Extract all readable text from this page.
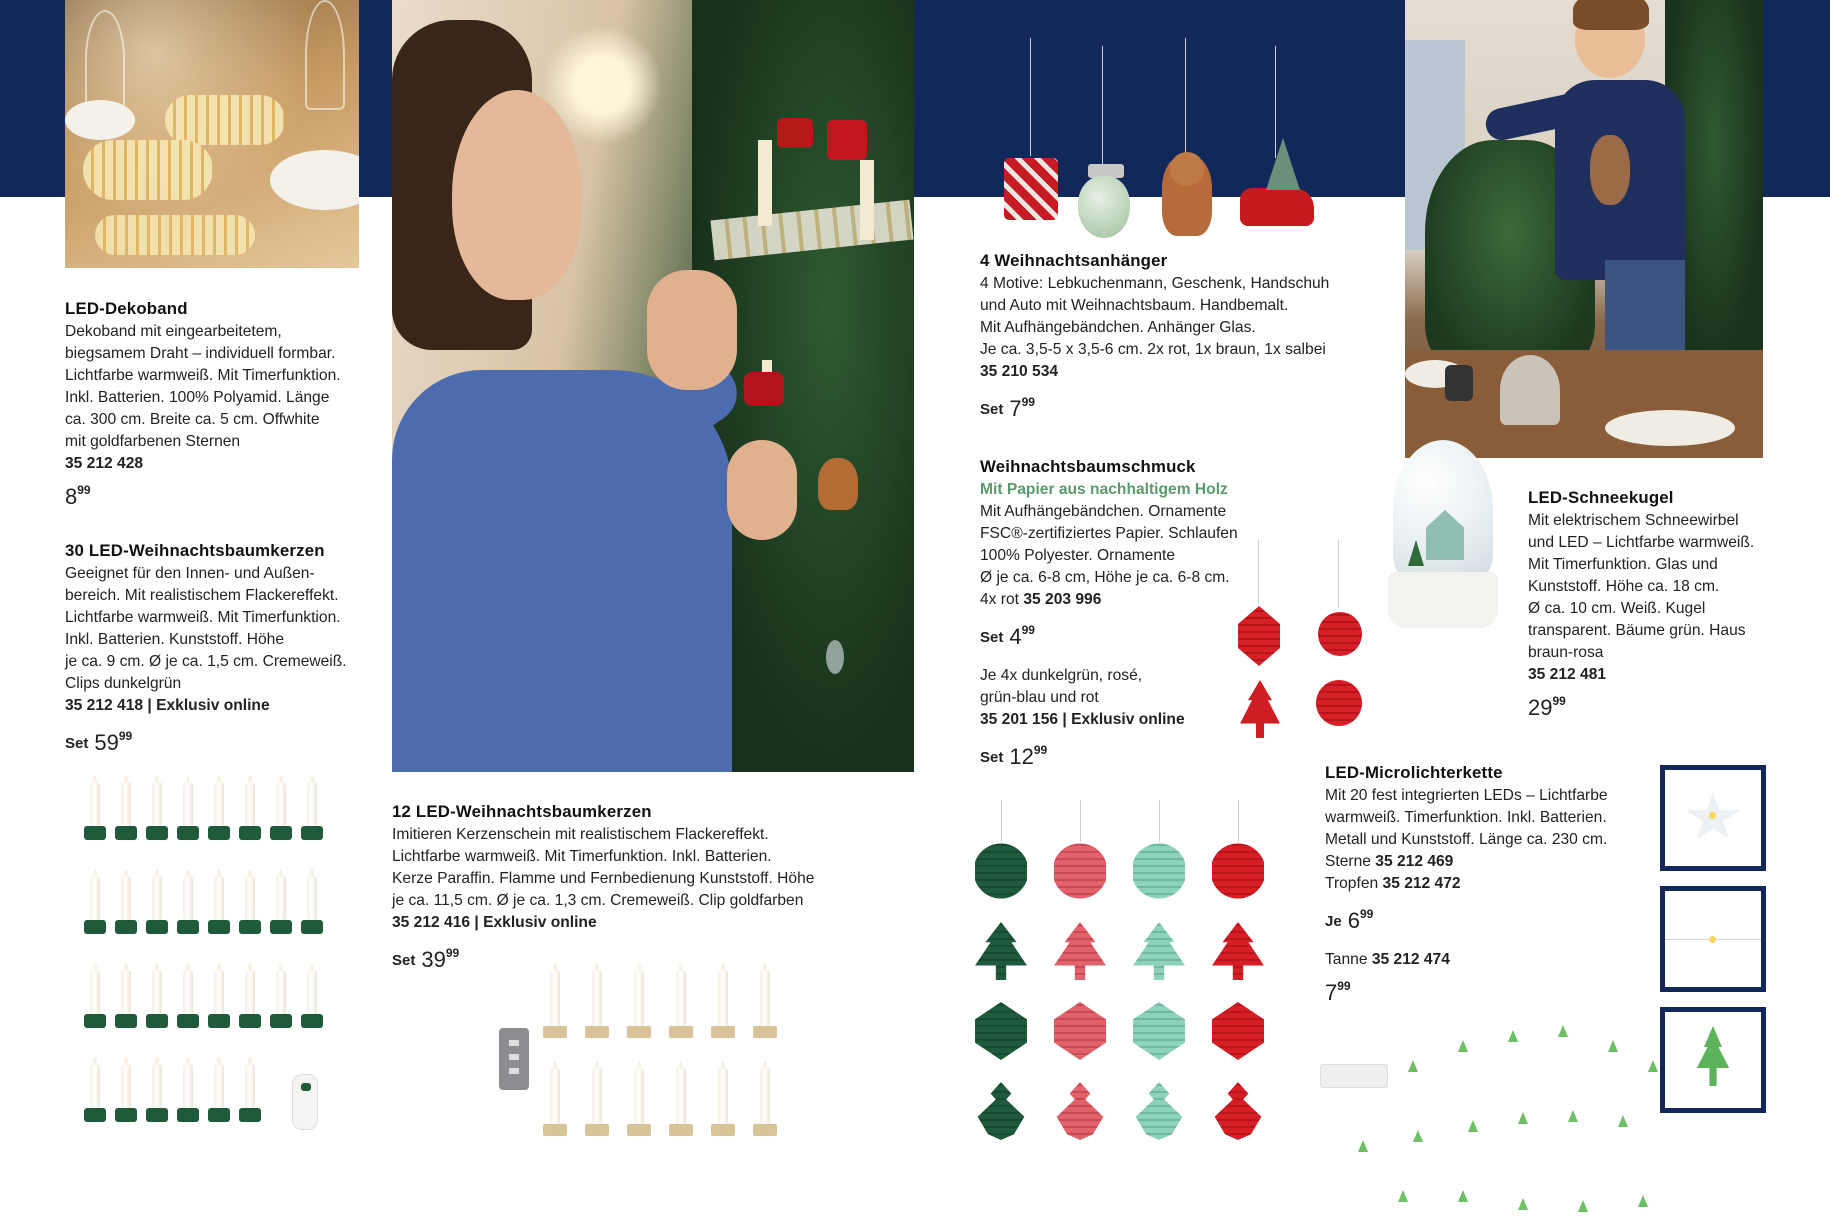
LED-Dekoband
Dekoband mit eingearbeitetem,
biegsamem Draht – individuell formbar.
Lichtfarbe warmweiß. Mit Timerfunktion.
Inkl. Batterien. 100% Polyamid. Länge
ca. 300 cm. Breite ca. 5 cm. Offwhite
mit goldfarbenen Sternen
35 212 428
$8^{99}$
30 LED-Weihnachtsbaumkerzen
Geeignet für den Innen- und Außen-
bereich. Mit realistischem Flackereffekt.
Lichtfarbe warmweiß. Mit Timerfunktion.
Inkl. Batterien. Kunststoff. Höhe
je ca. 9 cm. Ø je ca. 1,5 cm. Cremeweiß.
Clips dunkelgrün
35 212 418 | Exklusiv online
Set $59^{99}$
12 LED-Weihnachtsbaumkerzen
Imitieren Kerzenschein mit realistischem Flackereffekt.
Lichtfarbe warmweiß. Mit Timerfunktion. Inkl. Batterien.
Kerze Paraffin. Flamme und Fernbedienung Kunststoff. Höhe
je ca. 11,5 cm. Ø je ca. 1,3 cm. Cremeweiß. Clip goldfarben
35 212 416 | Exklusiv online
Set $39^{99}$
4 Weihnachtsanhänger
4 Motive: Lebkuchenmann, Geschenk, Handschuh
und Auto mit Weihnachtsbaum. Handbemalt.
Mit Aufhängebändchen. Anhänger Glas.
Je ca. 3,5-5 x 3,5-6 cm. 2x rot, 1x braun, 1x salbei
35 210 534
Set $7^{99}$
Weihnachtsbaumschmuck
Mit Papier aus nachhaltigem Holz
Mit Aufhängebändchen. Ornamente
FSC®-zertifiziertes Papier. Schlaufen
100% Polyester. Ornamente
Ø je ca. 6-8 cm, Höhe je ca. 6-8 cm.
4x rot 35 203 996
Set $4^{99}$
Je 4x dunkelgrün, rosé,
grün-blau und rot
35 201 156 | Exklusiv online
Set $12^{99}$
LED-Schneekugel
Mit elektrischem Schneewirbel
und LED – Lichtfarbe warmweiß.
Mit Timerfunktion. Glas und
Kunststoff. Höhe ca. 18 cm.
Ø ca. 10 cm. Weiß. Kugel
transparent. Bäume grün. Haus
braun-rosa
35 212 481
$29^{99}$
LED-Microlichterkette
Mit 20 fest integrierten LEDs – Lichtfarbe
warmweiß. Timerfunktion. Inkl. Batterien.
Metall und Kunststoff. Länge ca. 230 cm.
Sterne 35 212 469
Tropfen 35 212 472
Je $6^{99}$
Tanne 35 212 474
$7^{99}$
